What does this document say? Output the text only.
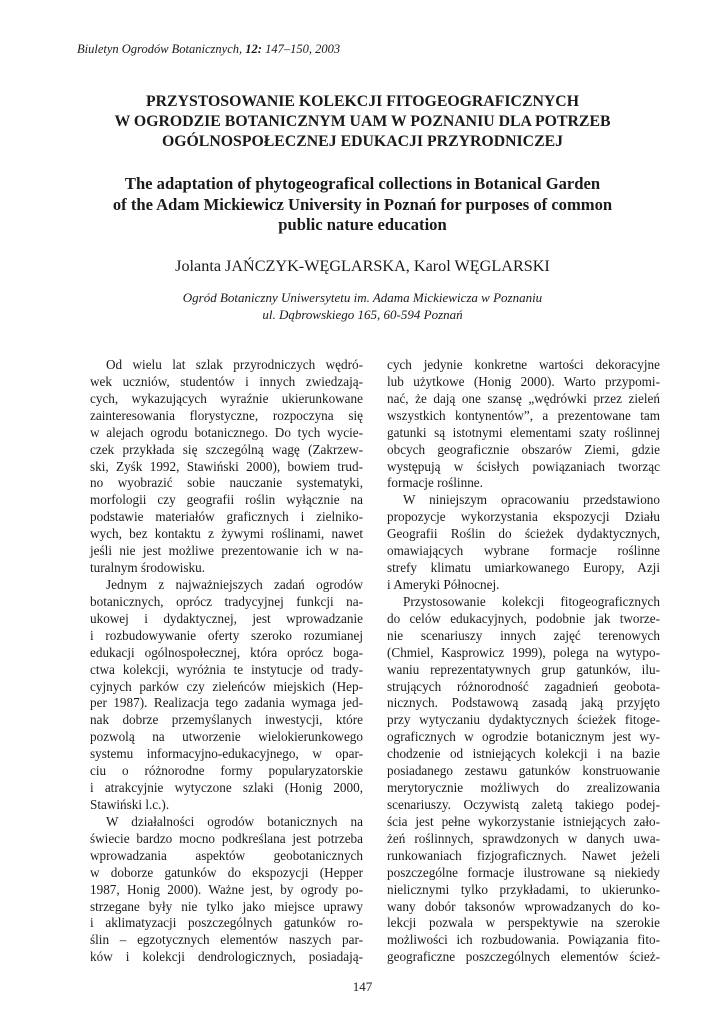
Biuletyn Ogrodów Botanicznych, 12: 147–150, 2003
PRZYSTOSOWANIE KOLEKCJI FITOGEOGRAFICZNYCH
W OGRODZIE BOTANICZNYM UAM W POZNANIU DLA POTRZEB
OGÓLNOSPOŁECZNEJ EDUKACJI PRZYRODNICZEJ
The adaptation of phytogeografical collections in Botanical Garden
of the Adam Mickiewicz University in Poznań for purposes of common
public nature education
Jolanta JAŃCZYK-WĘGLARSKA, Karol WĘGLARSKI
Ogród Botaniczny Uniwersytetu im. Adama Mickiewicza w Poznaniu
ul. Dąbrowskiego 165, 60-594 Poznań
Od wielu lat szlak przyrodniczych wędró-
wek uczniów, studentów i innych zwiedzają-
cych, wykazujących wyraźnie ukierunkowane
zainteresowania florystyczne, rozpoczyna się
w alejach ogrodu botanicznego. Do tych wycie-
czek przykłada się szczególną wagę (Zakrzew-
ski, Zyśk 1992, Stawiński 2000), bowiem trud-
no wyobrazić sobie nauczanie systematyki,
morfologii czy geografii roślin wyłącznie na
podstawie materiałów graficznych i zielniko-
wych, bez kontaktu z żywymi roślinami, nawet
jeśli nie jest możliwe prezentowanie ich w na-
turalnym środowisku.
Jednym z najważniejszych zadań ogrodów
botanicznych, oprócz tradycyjnej funkcji na-
ukowej i dydaktycznej, jest wprowadzanie
i rozbudowywanie oferty szeroko rozumianej
edukacji ogólnospołecznej, która oprócz boga-
ctwa kolekcji, wyróżnia te instytucje od trady-
cyjnych parków czy zieleńców miejskich (Hep-
per 1987). Realizacja tego zadania wymaga jed-
nak dobrze przemyślanych inwestycji, które
pozwolą na utworzenie wielokierunkowego
systemu informacyjno-edukacyjnego, w opar-
ciu o różnorodne formy popularyzatorskie
i atrakcyjnie wytyczone szlaki (Honig 2000,
Stawiński l.c.).
W działalności ogrodów botanicznych na
świecie bardzo mocno podkreślana jest potrzeba
wprowadzania aspektów geobotanicznych
w doborze gatunków do ekspozycji (Hepper
1987, Honig 2000). Ważne jest, by ogrody po-
strzegane były nie tylko jako miejsce uprawy
i aklimatyzacji poszczególnych gatunków ro-
ślin – egzotycznych elementów naszych par-
ków i kolekcji dendrologicznych, posiadają-
cych jedynie konkretne wartości dekoracyjne
lub użytkowe (Honig 2000). Warto przypomi-
nać, że dają one szansę „wędrówki przez zieleń
wszystkich kontynentów”, a prezentowane tam
gatunki są istotnymi elementami szaty roślinnej
obcych geograficznie obszarów Ziemi, gdzie
występują w ścisłych powiązaniach tworząc
formacje roślinne.
W niniejszym opracowaniu przedstawiono
propozycje wykorzystania ekspozycji Działu
Geografii Roślin do ścieżek dydaktycznych,
omawiających wybrane formacje roślinne
strefy klimatu umiarkowanego Europy, Azji
i Ameryki Północnej.
Przystosowanie kolekcji fitogeograficznych
do celów edukacyjnych, podobnie jak tworze-
nie scenariuszy innych zajęć terenowych
(Chmiel, Kasprowicz 1999), polega na wytypo-
waniu reprezentatywnych grup gatunków, ilu-
strujących różnorodność zagadnień geobota-
nicznych. Podstawową zasadą jaką przyjęto
przy wytyczaniu dydaktycznych ścieżek fitoge-
ograficznych w ogrodzie botanicznym jest wy-
chodzenie od istniejących kolekcji i na bazie
posiadanego zestawu gatunków konstruowanie
merytorycznie możliwych do zrealizowania
scenariuszy. Oczywistą zaletą takiego podej-
ścia jest pełne wykorzystanie istniejących zało-
żeń roślinnych, sprawdzonych w danych uwa-
runkowaniach fizjograficznych. Nawet jeżeli
poszczególne formacje ilustrowane są niekiedy
nielicznymi tylko przykładami, to ukierunko-
wany dobór taksonów wprowadzanych do ko-
lekcji pozwala w perspektywie na szerokie
możliwości ich rozbudowania. Powiązania fito-
geograficzne poszczególnych elementów ścież-
147
